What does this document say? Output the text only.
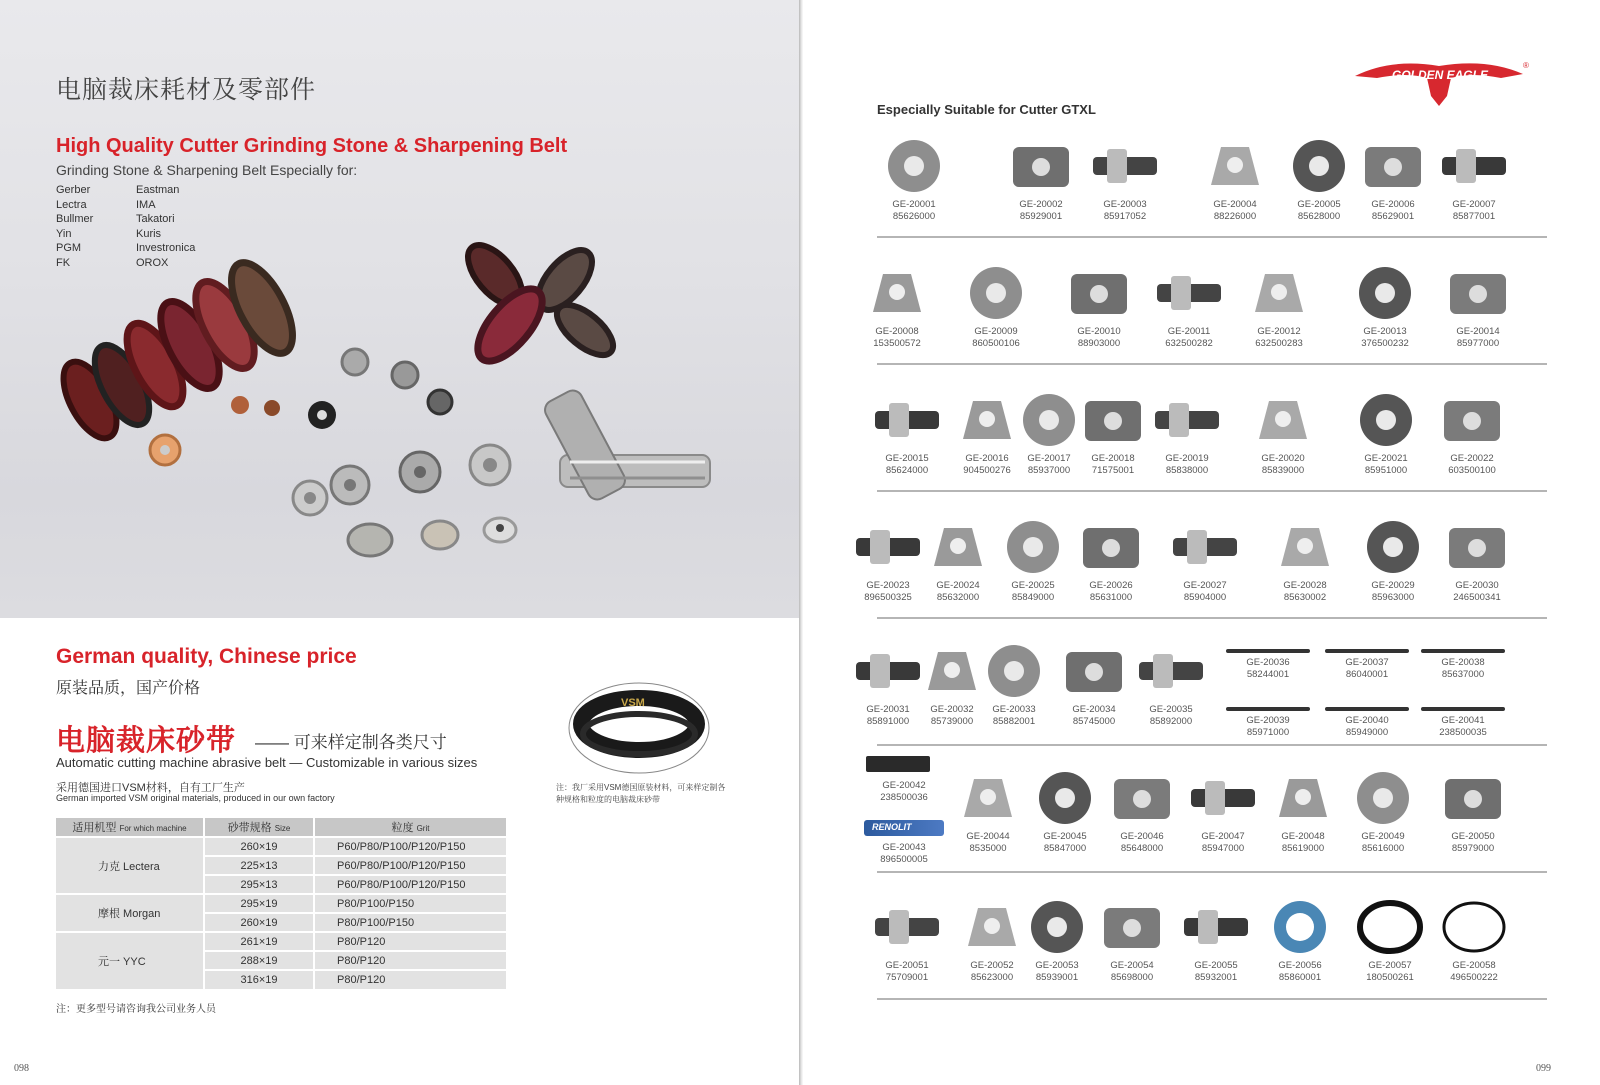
电脑裁床耗材及零部件
High Quality Cutter Grinding Stone & Sharpening Belt
Grinding Stone & Sharpening Belt Especially for:
Gerber	Eastman
Lectra	IMA
Bullmer	Takatori
Yin	Kuris
PGM	Investronica
FK	OROX
German quality, Chinese price
原装品质，国产价格
电脑裁床砂带 —— 可来样定制各类尺寸
Automatic cutting machine abrasive belt — Customizable in various sizes
采用德国进口VSM材料，自有工厂生产
German imported VSM original materials, produced in our own factory
VSM
注：我厂采用VSM德国原装材料，可来样定制各种规格和粒度的电脑裁床砂带
适用机型 For which machine	砂带规格 Size	粒度 Grit
力克 Lectera	260×19	P60/P80/P100/P120/P150
	225×13	P60/P80/P100/P120/P150
	295×13	P60/P80/P100/P120/P150
摩根 Morgan	295×19	P80/P100/P150
	260×19	P80/P100/P150
元一 YYC	261×19	P80/P120
	288×19	P80/P120
	316×19	P80/P120
注：更多型号请咨询我公司业务人员
098
GOLDEN EAGLE
®
Especially Suitable for Cutter GTXL
099
GE-20001
85626000
GE-20002
85929001
GE-20003
85917052
GE-20004
88226000
GE-20005
85628000
GE-20006
85629001
GE-20007
85877001
GE-20008
153500572
GE-20009
860500106
GE-20010
88903000
GE-20011
632500282
GE-20012
632500283
GE-20013
376500232
GE-20014
85977000
GE-20015
85624000
GE-20016
904500276
GE-20017
85937000
GE-20018
71575001
GE-20019
85838000
GE-20020
85839000
GE-20021
85951000
GE-20022
603500100
GE-20023
896500325
GE-20024
85632000
GE-20025
85849000
GE-20026
85631000
GE-20027
85904000
GE-20028
85630002
GE-20029
85963000
GE-20030
246500341
GE-20031
85891000
GE-20032
85739000
GE-20033
85882001
GE-20034
85745000
GE-20035
85892000
GE-20044
8535000
GE-20045
85847000
GE-20046
85648000
GE-20047
85947000
GE-20048
85619000
GE-20049
85616000
GE-20050
85979000
GE-20051
75709001
GE-20052
85623000
GE-20053
85939001
GE-20054
85698000
GE-20055
85932001
GE-20056
85860001
GE-20057
180500261
GE-20058
496500222
GE-20036
58244001
GE-20037
86040001
GE-20038
85637000
GE-20039
85971000
GE-20040
85949000
GE-20041
238500035
GE-20042
238500036
RENOLIT
GE-20043
896500005
